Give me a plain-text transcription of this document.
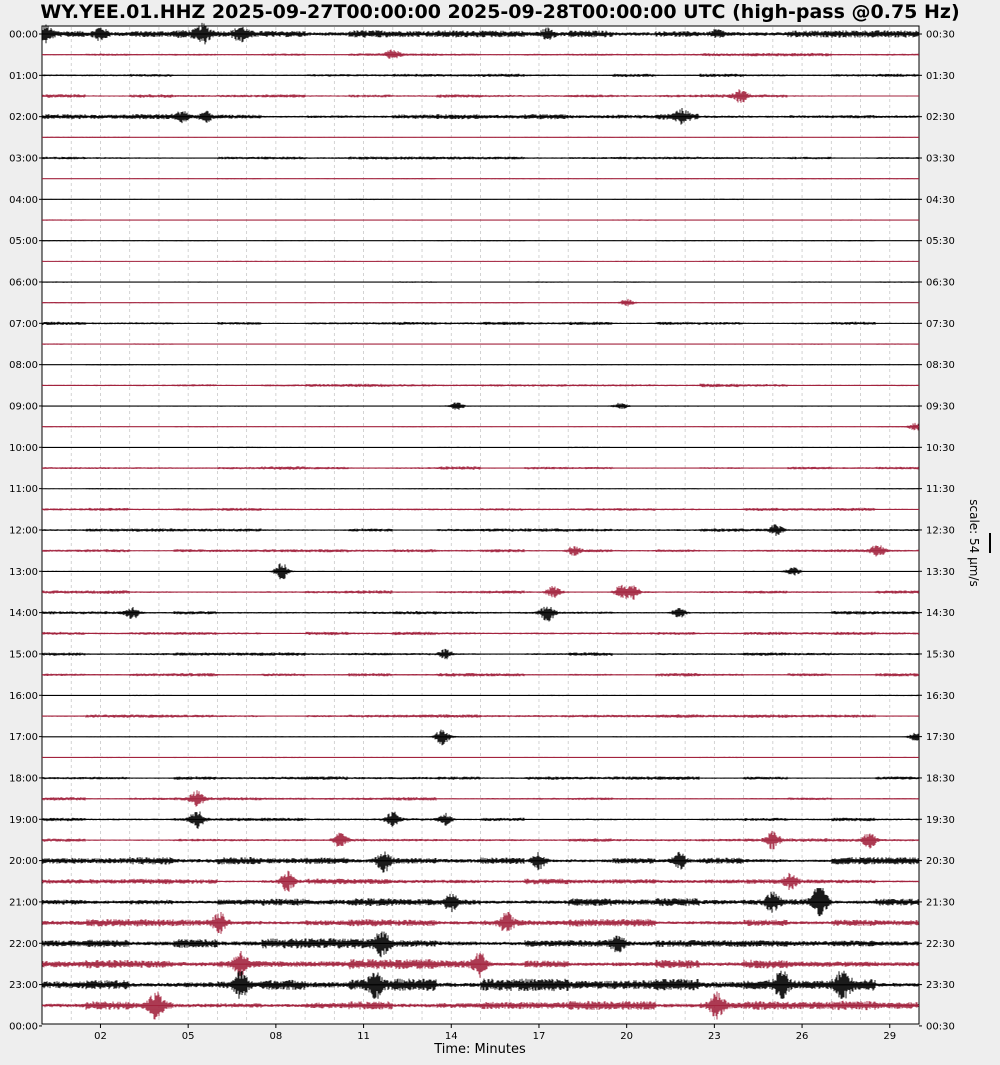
WY.YEE.01.HHZ 2025-09-27T00:00:00 2025-09-28T00:00:00 UTC (high-pass @0.75 Hz)
00:00
01:00
02:00
03:00
04:00
05:00
06:00
07:00
08:00
09:00
10:00
11:00
12:00
13:00
14:00
15:00
16:00
17:00
18:00
19:00
20:00
21:00
22:00
23:00
00:00
00:30
01:30
02:30
03:30
04:30
05:30
06:30
07:30
08:30
09:30
10:30
11:30
12:30
13:30
14:30
15:30
16:30
17:30
18:30
19:30
20:30
21:30
22:30
23:30
00:30
02	05	08	11	14	17	20	23	26	29
Time: Minutes
scale: 54 µm/s
